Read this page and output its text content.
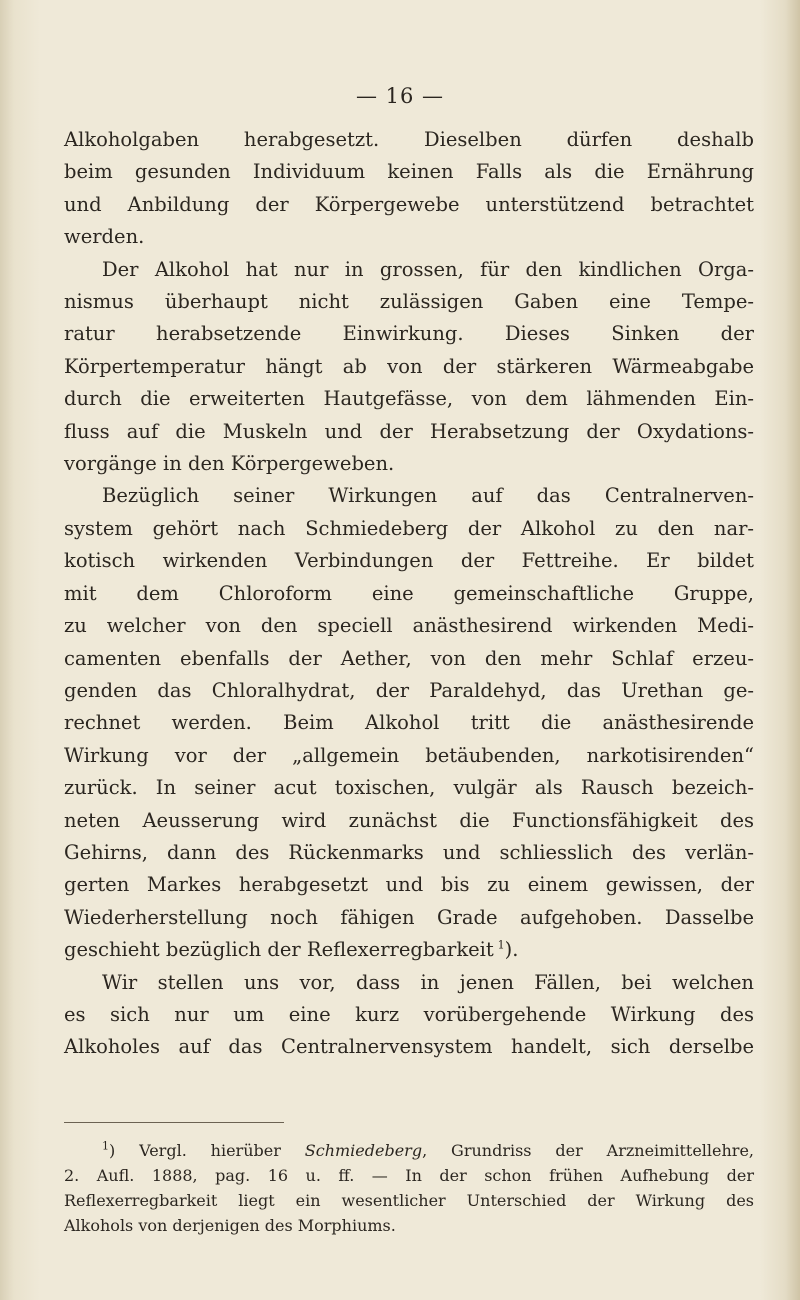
— 16 —
Alkoholgaben herabgesetzt. Dieselben dürfen deshalb
beim gesunden Individuum keinen Falls als die Ernährung
und Anbildung der Körpergewebe unterstützend betrachtet
werden.
Der Alkohol hat nur in grossen, für den kindlichen Orga-
nismus überhaupt nicht zulässigen Gaben eine Tempe-
ratur herabsetzende Einwirkung. Dieses Sinken der
Körpertemperatur hängt ab von der stärkeren Wärmeabgabe
durch die erweiterten Hautgefässe, von dem lähmenden Ein-
fluss auf die Muskeln und der Herabsetzung der Oxydations-
vorgänge in den Körpergeweben.
Bezüglich seiner Wirkungen auf das Centralnerven-
system gehört nach Schmiedeberg der Alkohol zu den nar-
kotisch wirkenden Verbindungen der Fettreihe. Er bildet
mit dem Chloroform eine gemeinschaftliche Gruppe,
zu welcher von den speciell anästhesirend wirkenden Medi-
camenten ebenfalls der Aether, von den mehr Schlaf erzeu-
genden das Chloralhydrat, der Paraldehyd, das Urethan ge-
rechnet werden. Beim Alkohol tritt die anästhesirende
Wirkung vor der „allgemein betäubenden, narkotisirenden“
zurück. In seiner acut toxischen, vulgär als Rausch bezeich-
neten Aeusserung wird zunächst die Functionsfähigkeit des
Gehirns, dann des Rückenmarks und schliesslich des verlän-
gerten Markes herabgesetzt und bis zu einem gewissen, der
Wiederherstellung noch fähigen Grade aufgehoben. Dasselbe
geschieht bezüglich der Reflexerregbarkeit  $^1$).
Wir stellen uns vor, dass in jenen Fällen, bei welchen
es sich nur um eine kurz vorübergehende Wirkung des
Alkoholes auf das Centralnervensystem handelt, sich derselbe
$^1$) Vergl. hierüber Schmiedeberg, Grundriss der Arzneimittellehre,
2. Aufl. 1888, pag. 16 u. ff. — In der schon frühen Aufhebung der
Reflexerregbarkeit liegt ein wesentlicher Unterschied der Wirkung des
Alkohols von derjenigen des Morphiums.
